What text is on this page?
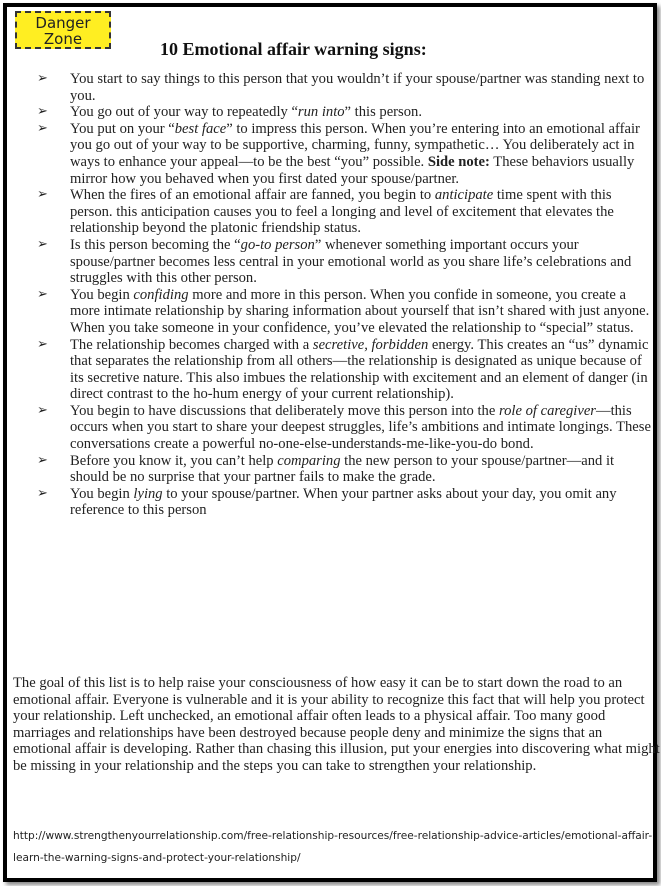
Danger
Zone	10 Emotional affair warning signs:
➢ You start to say things to this person that you wouldn’t if your spouse/partner was standing next to you.
➢ You go out of your way to repeatedly “run into” this person.
➢ You put on your “best face” to impress this person. When you’re entering into an emotional affair you go out of your way to be supportive, charming, funny, sympathetic… You deliberately act in ways to enhance your appeal—to be the best “you” possible. Side note: These behaviors usually mirror how you behaved when you first dated your spouse/partner.
➢ When the fires of an emotional affair are fanned, you begin to anticipate time spent with this person. this anticipation causes you to feel a longing and level of excitement that elevates the relationship beyond the platonic friendship status.
➢ Is this person becoming the “go-to person” whenever something important occurs your spouse/partner becomes less central in your emotional world as you share life’s celebrations and struggles with this other person.
➢ You begin confiding more and more in this person. When you confide in someone, you create a more intimate relationship by sharing information about yourself that isn’t shared with just anyone. When you take someone in your confidence, you’ve elevated the relationship to “special” status.
➢ The relationship becomes charged with a secretive, forbidden energy. This creates an “us” dynamic that separates the relationship from all others—the relationship is designated as unique because of its secretive nature. This also imbues the relationship with excitement and an element of danger (in direct contrast to the ho-hum energy of your current relationship).
➢ You begin to have discussions that deliberately move this person into the role of caregiver—this occurs when you start to share your deepest struggles, life’s ambitions and intimate longings. These conversations create a powerful no-one-else-understands-me-like-you-do bond.
➢ Before you know it, you can’t help comparing the new person to your spouse/partner—and it should be no surprise that your partner fails to make the grade.
➢ You begin lying to your spouse/partner. When your partner asks about your day, you omit any reference to this person

The goal of this list is to help raise your consciousness of how easy it can be to start down the road to an emotional affair. Everyone is vulnerable and it is your ability to recognize this fact that will help you protect your relationship. Left unchecked, an emotional affair often leads to a physical affair. Too many good marriages and relationships have been destroyed because people deny and minimize the signs that an emotional affair is developing. Rather than chasing this illusion, put your energies into discovering what might be missing in your relationship and the steps you can take to strengthen your relationship.

http://www.strengthenyourrelationship.com/free-relationship-resources/free-relationship-advice-articles/emotional-affair-learn-the-warning-signs-and-protect-your-relationship/
